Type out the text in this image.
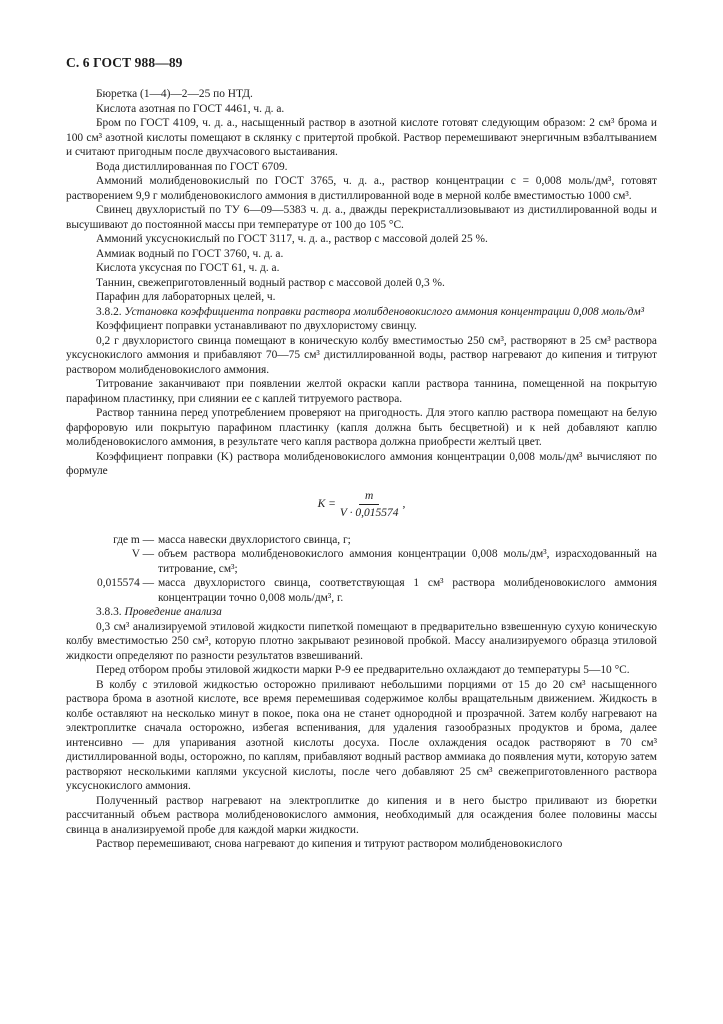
С. 6 ГОСТ 988—89

Бюретка (1—4)—2—25 по НТД.

Кислота азотная по ГОСТ 4461, ч. д. а.

Бром по ГОСТ 4109, ч. д. а., насыщенный раствор в азотной кислоте готовят следующим образом: 2 см³ брома и 100 см³ азотной кислоты помещают в склянку с притертой пробкой. Раствор перемешивают энергичным взбалтыванием и считают пригодным после двухчасового выстаивания.

Вода дистиллированная по ГОСТ 6709.

Аммоний молибденовокислый по ГОСТ 3765, ч. д. а., раствор концентрации c = 0,008 моль/дм³, готовят растворением 9,9 г молибденовокислого аммония в дистиллированной воде в мерной колбе вместимостью 1000 см³.

Свинец двухлористый по ТУ 6—09—5383 ч. д. а., дважды перекристаллизовывают из дистиллированной воды и высушивают до постоянной массы при температуре от 100 до 105 °С.

Аммоний уксуснокислый по ГОСТ 3117, ч. д. а., раствор с массовой долей 25 %.

Аммиак водный по ГОСТ 3760, ч. д. а.

Кислота уксусная по ГОСТ 61, ч. д. а.

Таннин, свежеприготовленный водный раствор с массовой долей 0,3 %.

Парафин для лабораторных целей, ч.

3.8.2. Установка коэффициента поправки раствора молибденовокислого аммония концентрации 0,008 моль/дм³

Коэффициент поправки устанавливают по двухлористому свинцу.

0,2 г двухлористого свинца помещают в коническую колбу вместимостью 250 см³, растворяют в 25 см³ раствора уксуснокислого аммония и прибавляют 70—75 см³ дистиллированной воды, раствор нагревают до кипения и титруют раствором молибденовокислого аммония.

Титрование заканчивают при появлении желтой окраски капли раствора таннина, помещенной на покрытую парафином пластинку, при слиянии ее с каплей титруемого раствора.

Раствор таннина перед употреблением проверяют на пригодность. Для этого каплю раствора помещают на белую фарфоровую или покрытую парафином пластинку (капля должна быть бесцветной) и к ней добавляют каплю молибденовокислого аммония, в результате чего капля раствора должна приобрести желтый цвет.

Коэффициент поправки (K) раствора молибденовокислого аммония концентрации 0,008 моль/дм³ вычисляют по формуле

$K = \frac{m}{V \cdot 0,015574}$ ,
где m — масса навески двухлористого свинца, г;
V — объем раствора молибденовокислого аммония концентрации 0,008 моль/дм³, израсходованный на титрование, см³;
0,015574 — масса двухлористого свинца, соответствующая 1 см³ раствора молибденовокислого аммония концентрации точно 0,008 моль/дм³, г.

3.8.3. Проведение анализа

0,3 см³ анализируемой этиловой жидкости пипеткой помещают в предварительно взвешенную сухую коническую колбу вместимостью 250 см³, которую плотно закрывают резиновой пробкой. Массу анализируемого образца этиловой жидкости определяют по разности результатов взвешиваний.

Перед отбором пробы этиловой жидкости марки Р-9 ее предварительно охлаждают до температуры 5—10 °С.

В колбу с этиловой жидкостью осторожно приливают небольшими порциями от 15 до 20 см³ насыщенного раствора брома в азотной кислоте, все время перемешивая содержимое колбы вращательным движением. Жидкость в колбе оставляют на несколько минут в покое, пока она не станет однородной и прозрачной. Затем колбу нагревают на электроплитке сначала осторожно, избегая вспенивания, для удаления газообразных продуктов и брома, далее интенсивно — для упаривания азотной кислоты досуха. После охлаждения осадок растворяют в 70 см³ дистиллированной воды, осторожно, по каплям, прибавляют водный раствор аммиака до появления мути, которую затем растворяют несколькими каплями уксусной кислоты, после чего добавляют 25 см³ свежеприготовленного раствора уксуснокислого аммония.

Полученный раствор нагревают на электроплитке до кипения и в него быстро приливают из бюретки рассчитанный объем раствора молибденовокислого аммония, необходимый для осаждения более половины массы свинца в анализируемой пробе для каждой марки жидкости.

Раствор перемешивают, снова нагревают до кипения и титруют раствором молибденовокислого
